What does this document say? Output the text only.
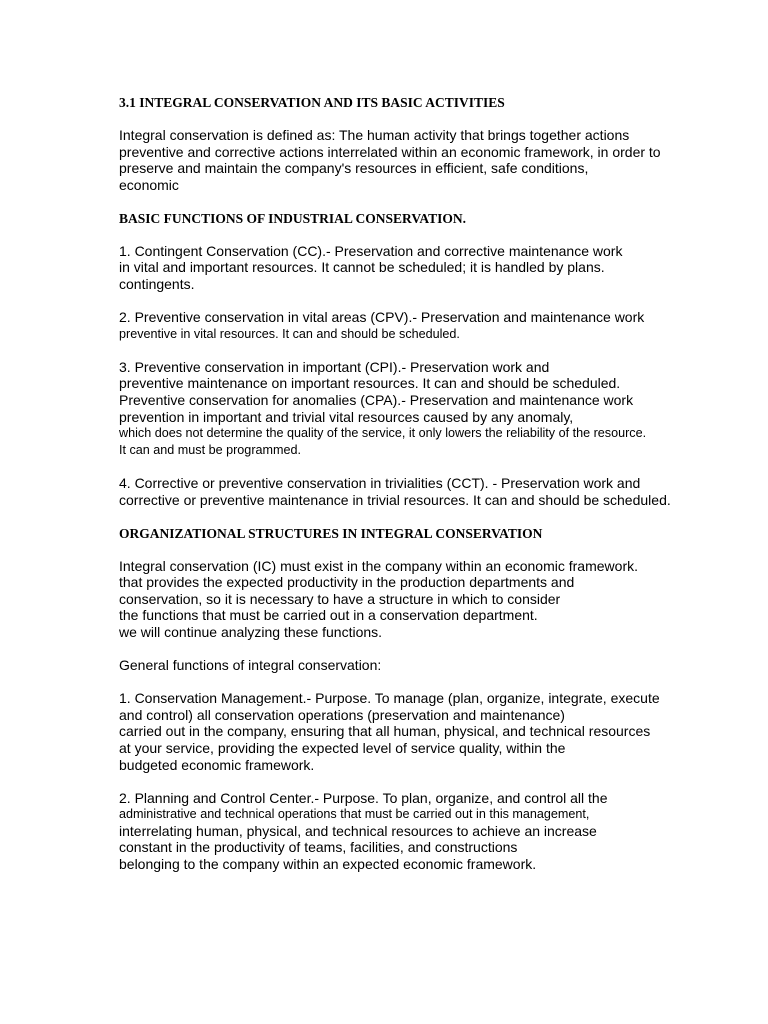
3.1 INTEGRAL CONSERVATION AND ITS BASIC ACTIVITIES
Integral conservation is defined as: The human activity that brings together actions
preventive and corrective actions interrelated within an economic framework, in order to
preserve and maintain the company's resources in efficient, safe conditions,
economic
BASIC FUNCTIONS OF INDUSTRIAL CONSERVATION.
1. Contingent Conservation (CC).- Preservation and corrective maintenance work
in vital and important resources. It cannot be scheduled; it is handled by plans.
contingents.
2. Preventive conservation in vital areas (CPV).- Preservation and maintenance work
preventive in vital resources. It can and should be scheduled.
3. Preventive conservation in important (CPI).- Preservation work and
preventive maintenance on important resources. It can and should be scheduled.
Preventive conservation for anomalies (CPA).- Preservation and maintenance work
prevention in important and trivial vital resources caused by any anomaly,
which does not determine the quality of the service, it only lowers the reliability of the resource.
It can and must be programmed.
4. Corrective or preventive conservation in trivialities (CCT). - Preservation work and
corrective or preventive maintenance in trivial resources. It can and should be scheduled.
ORGANIZATIONAL STRUCTURES IN INTEGRAL CONSERVATION
Integral conservation (IC) must exist in the company within an economic framework.
that provides the expected productivity in the production departments and
conservation, so it is necessary to have a structure in which to consider
the functions that must be carried out in a conservation department.
we will continue analyzing these functions.
General functions of integral conservation:
1. Conservation Management.- Purpose. To manage (plan, organize, integrate, execute
and control) all conservation operations (preservation and maintenance)
carried out in the company, ensuring that all human, physical, and technical resources
at your service, providing the expected level of service quality, within the
budgeted economic framework.
2. Planning and Control Center.- Purpose. To plan, organize, and control all the
administrative and technical operations that must be carried out in this management,
interrelating human, physical, and technical resources to achieve an increase
constant in the productivity of teams, facilities, and constructions
belonging to the company within an expected economic framework.
